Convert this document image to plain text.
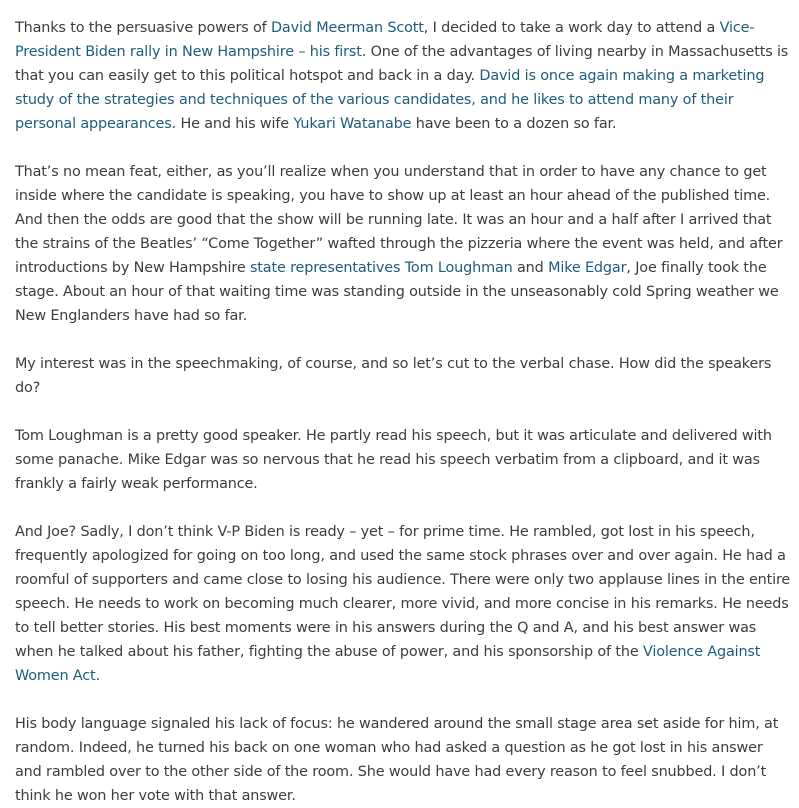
Thanks to the persuasive powers of David Meerman Scott, I decided to take a work day to attend a Vice-President Biden rally in New Hampshire – his first. One of the advantages of living nearby in Massachusetts is that you can easily get to this political hotspot and back in a day. David is once again making a marketing study of the strategies and techniques of the various candidates, and he likes to attend many of their personal appearances. He and his wife Yukari Watanabe have been to a dozen so far.

That’s no mean feat, either, as you’ll realize when you understand that in order to have any chance to get inside where the candidate is speaking, you have to show up at least an hour ahead of the published time. And then the odds are good that the show will be running late. It was an hour and a half after I arrived that the strains of the Beatles’ “Come Together” wafted through the pizzeria where the event was held, and after introductions by New Hampshire state representatives Tom Loughman and Mike Edgar, Joe finally took the stage. About an hour of that waiting time was standing outside in the unseasonably cold Spring weather we New Englanders have had so far.

My interest was in the speechmaking, of course, and so let’s cut to the verbal chase. How did the speakers do?

Tom Loughman is a pretty good speaker. He partly read his speech, but it was articulate and delivered with some panache. Mike Edgar was so nervous that he read his speech verbatim from a clipboard, and it was frankly a fairly weak performance.

And Joe? Sadly, I don’t think V-P Biden is ready – yet – for prime time. He rambled, got lost in his speech, frequently apologized for going on too long, and used the same stock phrases over and over again. He had a roomful of supporters and came close to losing his audience. There were only two applause lines in the entire speech. He needs to work on becoming much clearer, more vivid, and more concise in his remarks. He needs to tell better stories. His best moments were in his answers during the Q and A, and his best answer was when he talked about his father, fighting the abuse of power, and his sponsorship of the Violence Against Women Act.

His body language signaled his lack of focus: he wandered around the small stage area set aside for him, at random. Indeed, he turned his back on one woman who had asked a question as he got lost in his answer and rambled over to the other side of the room. She would have had every reason to feel snubbed. I don’t think he won her vote with that answer.
